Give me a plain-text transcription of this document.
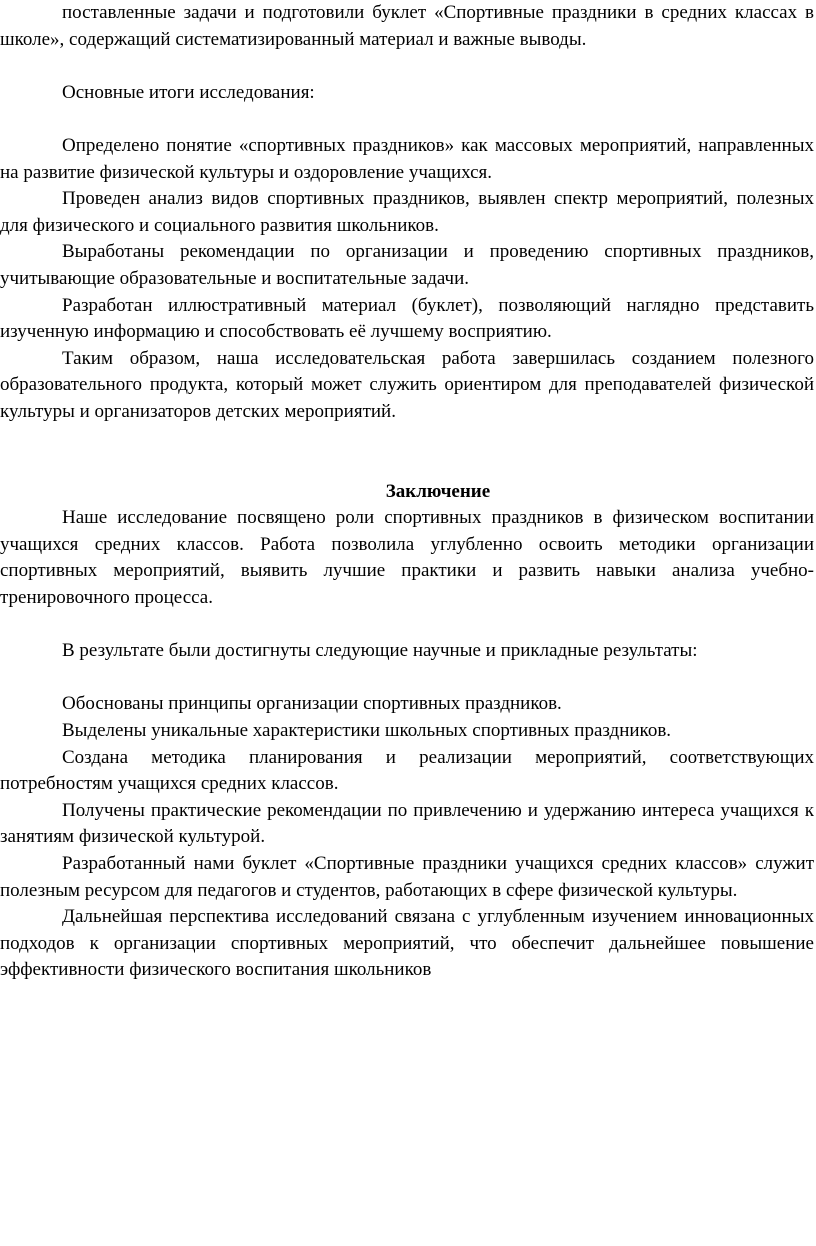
поставленные задачи и подготовили буклет «Спортивные праздники в средних классах в школе», содержащий систематизированный материал и важные выводы.

Основные итоги исследования:

Определено понятие «спортивных праздников» как массовых мероприятий, направленных на развитие физической культуры и оздоровление учащихся.

Проведен анализ видов спортивных праздников, выявлен спектр мероприятий, полезных для физического и социального развития школьников.

Выработаны рекомендации по организации и проведению спортивных праздников, учитывающие образовательные и воспитательные задачи.

Разработан иллюстративный материал (буклет), позволяющий наглядно представить изученную информацию и способствовать её лучшему восприятию.

Таким образом, наша исследовательская работа завершилась созданием полезного образовательного продукта, который может служить ориентиром для преподавателей физической культуры и организаторов детских мероприятий.

Заключение

Наше исследование посвящено роли спортивных праздников в физическом воспитании учащихся средних классов. Работа позволила углубленно освоить методики организации спортивных мероприятий, выявить лучшие практики и развить навыки анализа учебно-тренировочного процесса.

В результате были достигнуты следующие научные и прикладные результаты:

Обоснованы принципы организации спортивных праздников.

Выделены уникальные характеристики школьных спортивных праздников.

Создана методика планирования и реализации мероприятий, соответствующих потребностям учащихся средних классов.

Получены практические рекомендации по привлечению и удержанию интереса учащихся к занятиям физической культурой.

Разработанный нами буклет «Спортивные праздники учащихся средних классов» служит полезным ресурсом для педагогов и студентов, работающих в сфере физической культуры.

Дальнейшая перспектива исследований связана с углубленным изучением инновационных подходов к организации спортивных мероприятий, что обеспечит дальнейшее повышение эффективности физического воспитания школьников
